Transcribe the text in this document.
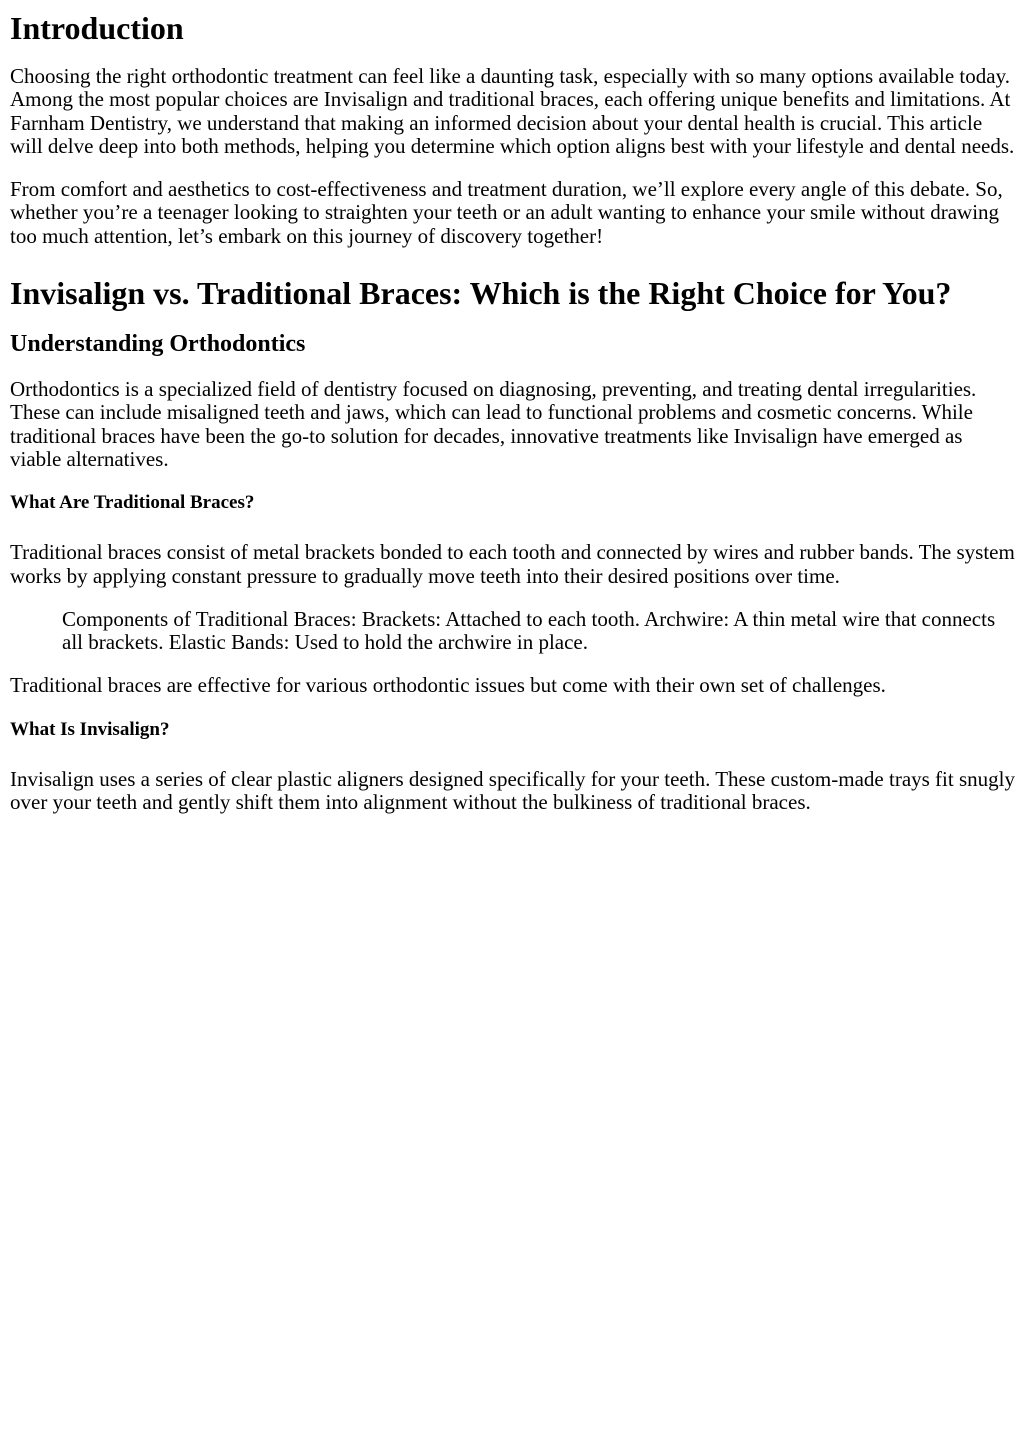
Introduction

Choosing the right orthodontic treatment can feel like a daunting task, especially with so many options available today. Among the most popular choices are Invisalign and traditional braces, each offering unique benefits and limitations. At Farnham Dentistry, we understand that making an informed decision about your dental health is crucial. This article will delve deep into both methods, helping you determine which option aligns best with your lifestyle and dental needs.

From comfort and aesthetics to cost-effectiveness and treatment duration, we’ll explore every angle of this debate. So, whether you’re a teenager looking to straighten your teeth or an adult wanting to enhance your smile without drawing too much attention, let’s embark on this journey of discovery together!

Invisalign vs. Traditional Braces: Which is the Right Choice for You?
Understanding Orthodontics

Orthodontics is a specialized field of dentistry focused on diagnosing, preventing, and treating dental irregularities. These can include misaligned teeth and jaws, which can lead to functional problems and cosmetic concerns. While traditional braces have been the go-to solution for decades, innovative treatments like Invisalign have emerged as viable alternatives.

What Are Traditional Braces?

Traditional braces consist of metal brackets bonded to each tooth and connected by wires and rubber bands. The system works by applying constant pressure to gradually move teeth into their desired positions over time.

Components of Traditional Braces: Brackets: Attached to each tooth. Archwire: A thin metal wire that connects all brackets. Elastic Bands: Used to hold the archwire in place.

Traditional braces are effective for various orthodontic issues but come with their own set of challenges.

What Is Invisalign?

Invisalign uses a series of clear plastic aligners designed specifically for your teeth. These custom-made trays fit snugly over your teeth and gently shift them into alignment without the bulkiness of traditional braces.
